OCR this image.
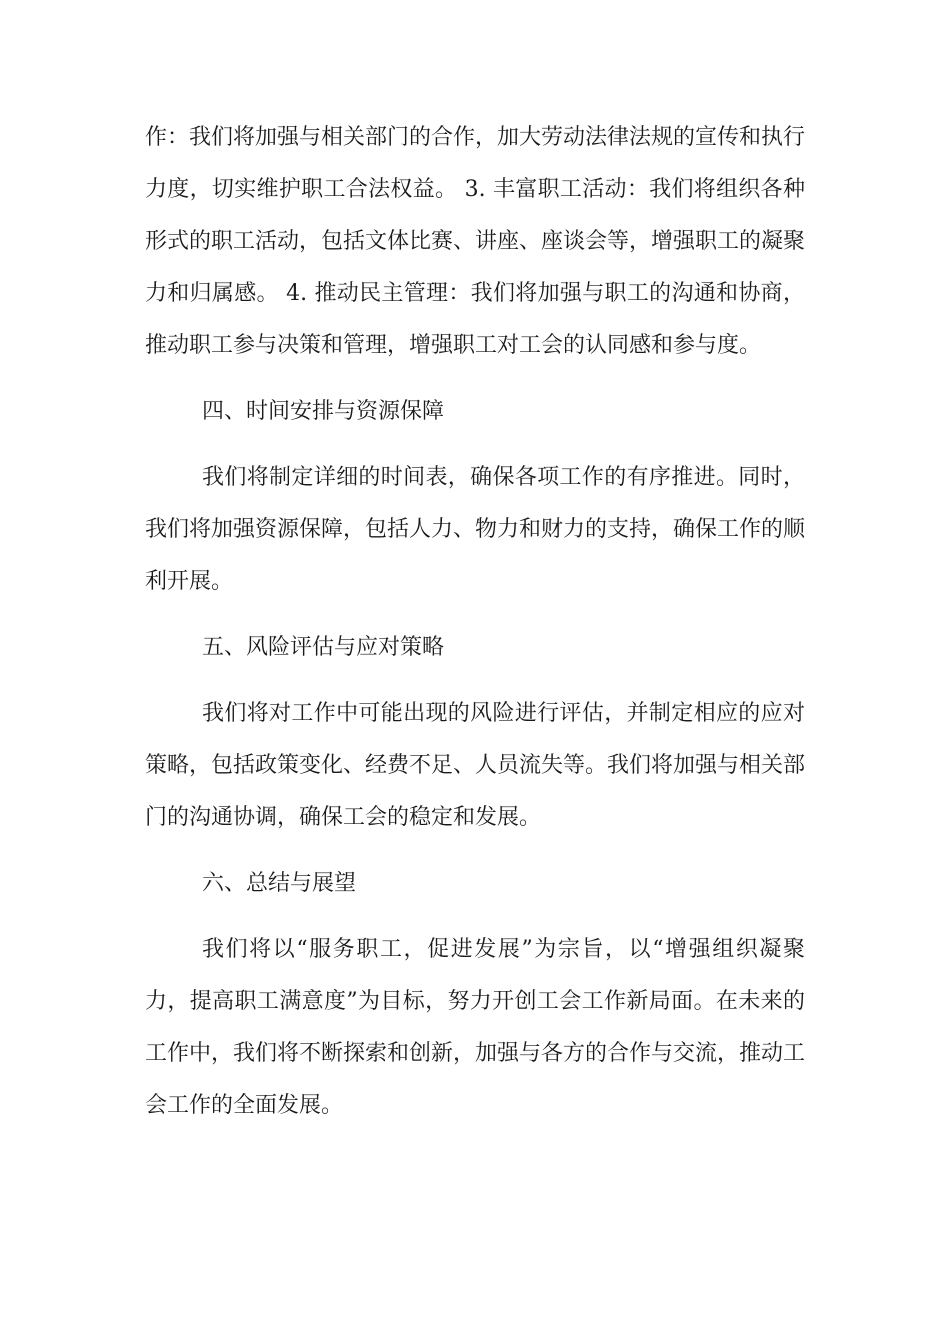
作：我们将加强与相关部门的合作，加大劳动法律法规的宣传和执行力度，切实维护职工合法权益。 3. 丰富职工活动：我们将组织各种形式的职工活动，包括文体比赛、讲座、座谈会等，增强职工的凝聚力和归属感。 4. 推动民主管理：我们将加强与职工的沟通和协商，推动职工参与决策和管理，增强职工对工会的认同感和参与度。

四、时间安排与资源保障

我们将制定详细的时间表，确保各项工作的有序推进。同时，我们将加强资源保障，包括人力、物力和财力的支持，确保工作的顺利开展。

五、风险评估与应对策略

我们将对工作中可能出现的风险进行评估，并制定相应的应对策略，包括政策变化、经费不足、人员流失等。我们将加强与相关部门的沟通协调，确保工会的稳定和发展。

六、总结与展望

我们将以“服务职工，促进发展”为宗旨，以“增强组织凝聚力，提高职工满意度”为目标，努力开创工会工作新局面。在未来的工作中，我们将不断探索和创新，加强与各方的合作与交流，推动工会工作的全面发展。
